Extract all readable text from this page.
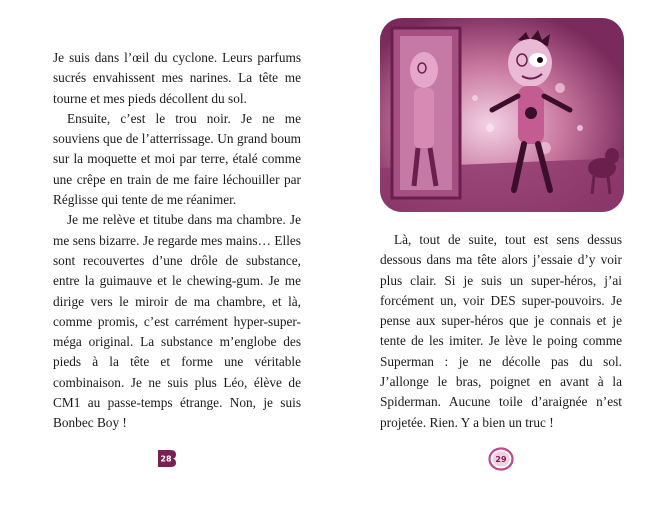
Je suis dans l’œil du cyclone. Leurs parfums sucrés envahissent mes narines. La tête me tourne et mes pieds décollent du sol.

Ensuite, c’est le trou noir. Je ne me souviens que de l’atterrissage. Un grand boum sur la moquette et moi par terre, étalé comme une crêpe en train de me faire léchouiller par Réglisse qui tente de me réanimer.

Je me relève et titube dans ma chambre. Je me sens bizarre. Je regarde mes mains… Elles sont recouvertes d’une drôle de substance, entre la guimauve et le chewing-gum. Je me dirige vers le miroir de ma chambre, et là, comme promis, c’est carrément hyper-super-méga original. La substance m’englobe des pieds à la tête et forme une véritable combinaison. Je ne suis plus Léo, élève de CM1 au passe-temps étrange. Non, je suis Bonbec Boy !

28

Là, tout de suite, tout est sens dessus dessous dans ma tête alors j’essaie d’y voir plus clair. Si je suis un super-héros, j’ai forcément un, voir DES super-pouvoirs. Je pense aux super-héros que je connais et je tente de les imiter. Je lève le poing comme Superman : je ne décolle pas du sol. J’allonge le bras, poignet en avant à la Spiderman. Aucune toile d’araignée n’est projetée. Rien. Y a bien un truc !

29
